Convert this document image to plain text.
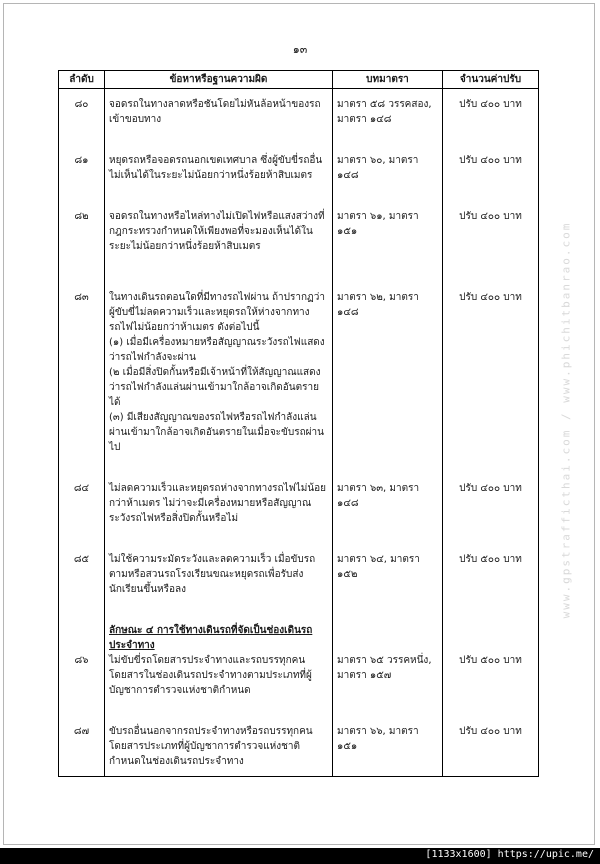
๑๓
www.gpstrafficthai.com / www.phichitbanrao.com
ลำดับ	ข้อหาหรือฐานความผิด	บทมาตรา	จำนวนค่าปรับ

๘๐	จอดรถในทางลาดหรือชันโดยไม่หันล้อหน้าของรถเข้าขอบทาง	มาตรา ๕๘ วรรคสอง,
มาตรา ๑๔๘	ปรับ ๔๐๐ บาท

๘๑	หยุดรถหรือจอดรถนอกเขตเทศบาล ซึ่งผู้ขับขี่รถอื่นไม่เห็นได้ในระยะไม่น้อยกว่าหนึ่งร้อยห้าสิบเมตร	มาตรา ๖๐, มาตรา ๑๔๘	ปรับ ๔๐๐ บาท

๘๒	จอดรถในทางหรือไหล่ทางไม่เปิดไฟหรือแสงสว่างที่กฎกระทรวงกำหนดให้เพียงพอที่จะมองเห็นได้ในระยะไม่น้อยกว่าหนึ่งร้อยห้าสิบเมตร	มาตรา ๖๑, มาตรา ๑๕๑	ปรับ ๔๐๐ บาท

๘๓	ในทางเดินรถตอนใดที่มีทางรถไฟผ่าน ถ้าปรากฏว่าผู้ขับขี่ไม่ลดความเร็วและหยุดรถให้ห่างจากทางรถไฟไม่น้อยกว่าห้าเมตร ดังต่อไปนี้

(๑) เมื่อมีเครื่องหมายหรือสัญญาณระวังรถไฟแสดงว่ารถไฟกำลังจะผ่าน

(๒ เมื่อมีสิ่งปิดกั้นหรือมีเจ้าหน้าที่ให้สัญญาณแสดงว่ารถไฟกำลังแล่นผ่านเข้ามาใกล้อาจเกิดอันตรายได้

(๓) มีเสียงสัญญาณของรถไฟหรือรถไฟกำลังแล่นผ่านเข้ามาใกล้อาจเกิดอันตรายในเมื่อจะขับรถผ่านไป	มาตรา ๖๒, มาตรา ๑๔๘	ปรับ ๔๐๐ บาท

๘๔	ไม่ลดความเร็วและหยุดรถห่างจากทางรถไฟไม่น้อยกว่าห้าเมตร ไม่ว่าจะมีเครื่องหมายหรือสัญญาณระวังรถไฟหรือสิ่งปิดกั้นหรือไม่	มาตรา ๖๓, มาตรา ๑๔๘	ปรับ ๔๐๐ บาท

๘๕	ไม่ใช้ความระมัดระวังและลดความเร็ว เมื่อขับรถตามหรือสวนรถโรงเรียนขณะหยุดรถเพื่อรับส่งนักเรียนขึ้นหรือลง	มาตรา ๖๔, มาตรา ๑๕๒	ปรับ ๕๐๐ บาท

	ลักษณะ ๔ การใช้ทางเดินรถที่จัดเป็นช่องเดินรถประจำทาง		

๘๖	ไม่ขับขี่รถโดยสารประจำทางและรถบรรทุกคนโดยสารในช่องเดินรถประจำทางตามประเภทที่ผู้บัญชาการตำรวจแห่งชาติกำหนด	มาตรา ๖๕ วรรคหนึ่ง,
มาตรา ๑๕๗	ปรับ ๕๐๐ บาท

๘๗	ขับรถอื่นนอกจากรถประจำทางหรือรถบรรทุกคนโดยสารประเภทที่ผู้บัญชาการตำรวจแห่งชาติกำหนดในช่องเดินรถประจำทาง	มาตรา ๖๖, มาตรา ๑๕๑	ปรับ ๔๐๐ บาท

[1133x1600] https://upic.me/
